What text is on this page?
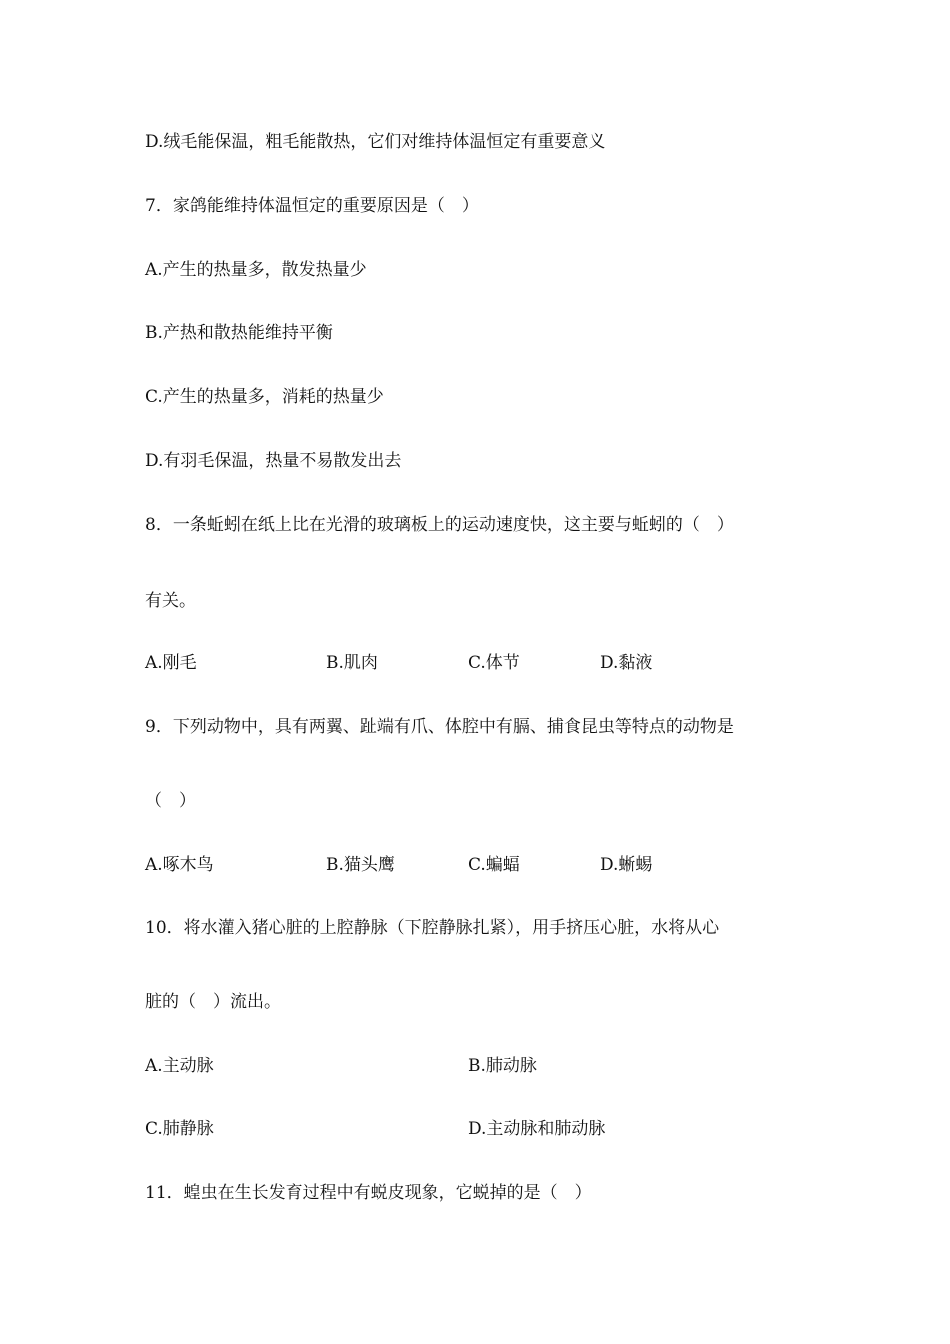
D.绒毛能保温，粗毛能散热，它们对维持体温恒定有重要意义
7．家鸽能维持体温恒定的重要原因是（　）
A.产生的热量多，散发热量少
B.产热和散热能维持平衡
C.产生的热量多，消耗的热量少
D.有羽毛保温，热量不易散发出去
8．一条蚯蚓在纸上比在光滑的玻璃板上的运动速度快，这主要与蚯蚓的（　）
有关。
A.刚毛	B.肌肉	C.体节	D.黏液
9．下列动物中，具有两翼、趾端有爪、体腔中有膈、捕食昆虫等特点的动物是
（　）
A.啄木鸟	B.猫头鹰	C.蝙蝠	D.蜥蜴
10．将水灌入猪心脏的上腔静脉（下腔静脉扎紧），用手挤压心脏，水将从心
脏的（　）流出。
A.主动脉	B.肺动脉
C.肺静脉	D.主动脉和肺动脉
11．蝗虫在生长发育过程中有蜕皮现象，它蜕掉的是（　）
